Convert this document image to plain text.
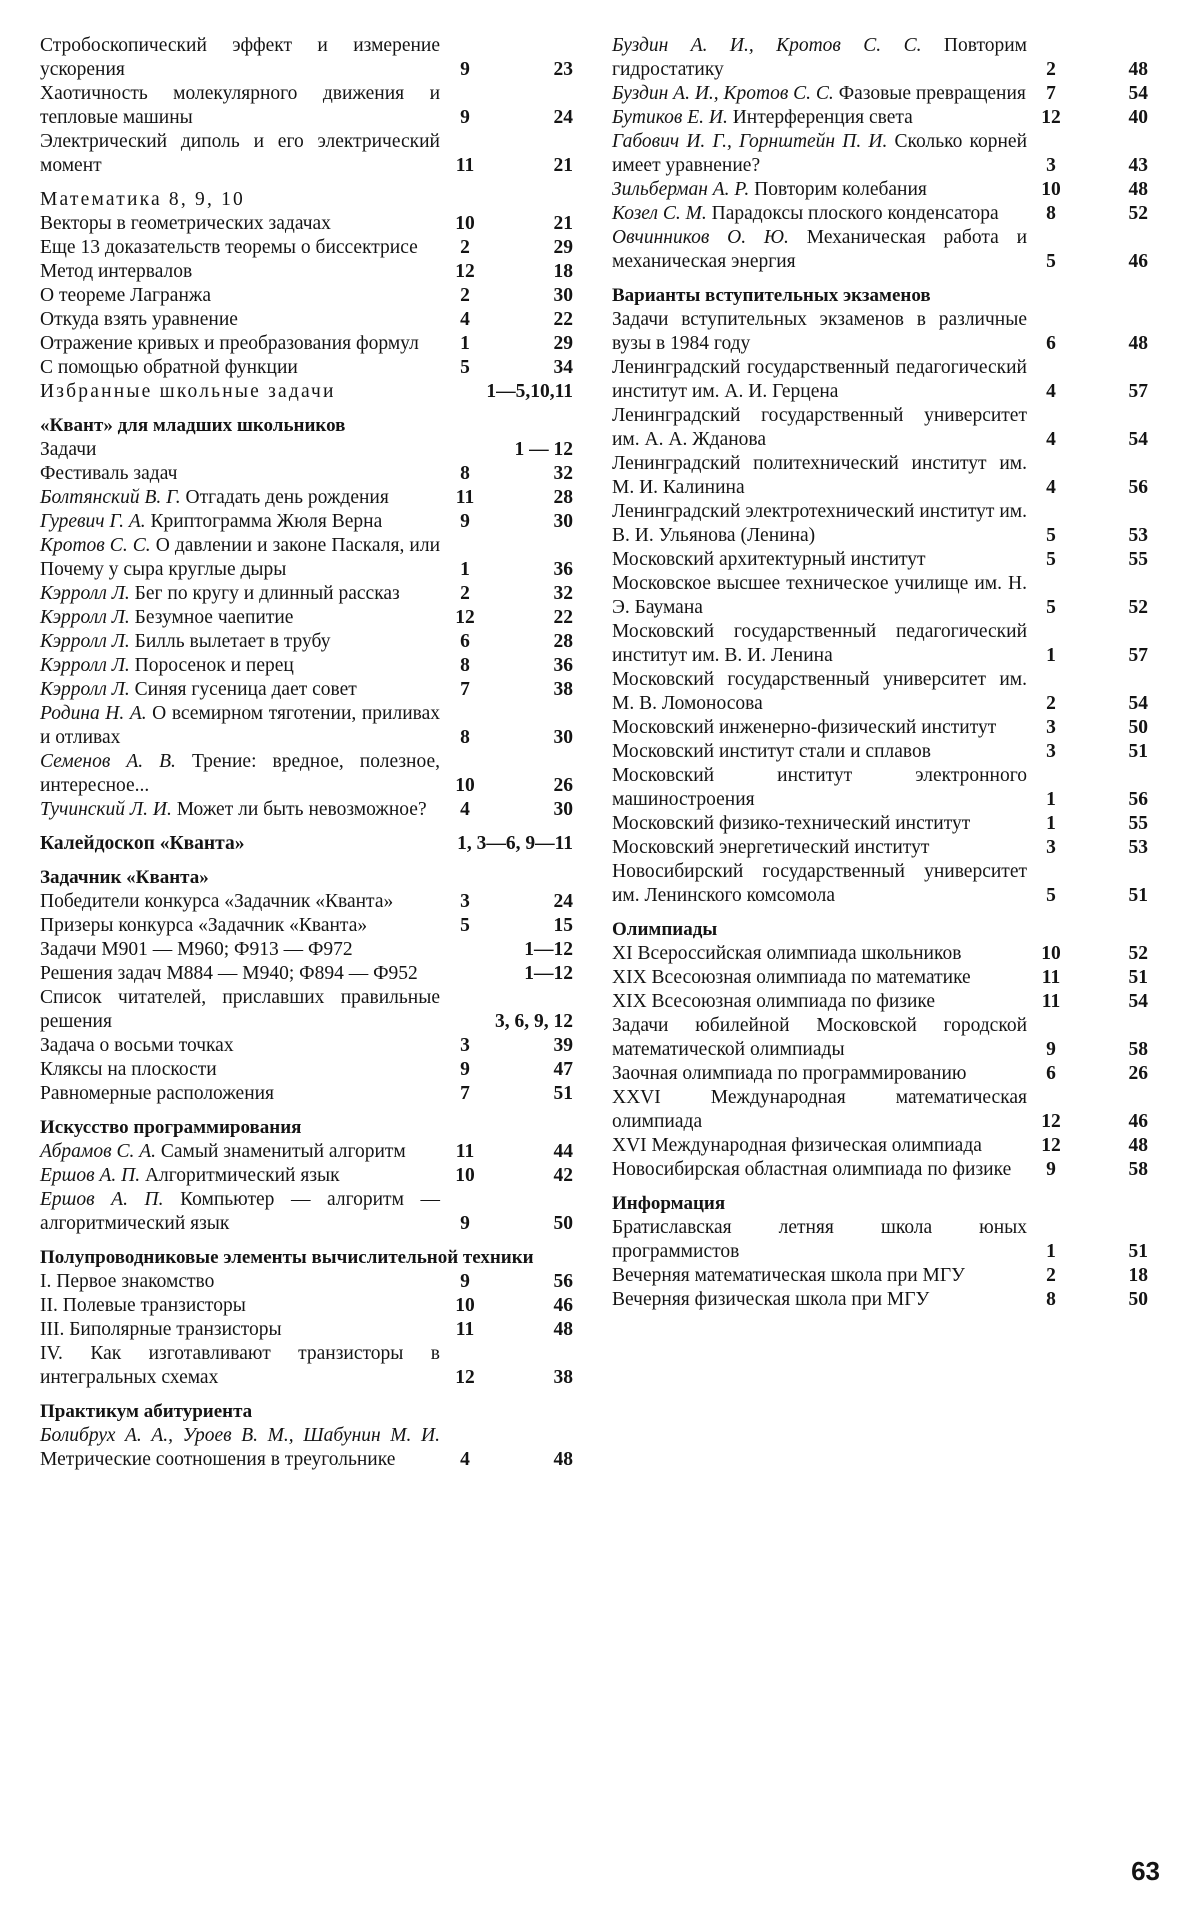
Стробоскопический эффект и измерение ускорения	9	23
Хаотичность молекулярного движения и тепловые машины	9	24
Электрический диполь и его электрический момент	11	21
Математика 8, 9, 10
Векторы в геометрических задачах	10	21
Еще 13 доказательств теоремы о биссектрисе	2	29
Метод интервалов	12	18
О теореме Лагранжа	2	30
Откуда взять уравнение	4	22
Отражение кривых и преобразования формул	1	29
С помощью обратной функции	5	34
Избранные школьные задачи	1—5,10,11
«Квант» для младших школьников
Задачи	1 — 12
Фестиваль задач	8	32
Болтянский В. Г. Отгадать день рождения	11	28
Гуревич Г. А. Криптограмма Жюля Верна	9	30
Кротов С. С. О давлении и законе Паскаля, или Почему у сыра круглые дыры	1	36
Кэрролл Л. Бег по кругу и длинный рассказ	2	32
Кэрролл Л. Безумное чаепитие	12	22
Кэрролл Л. Билль вылетает в трубу	6	28
Кэрролл Л. Поросенок и перец	8	36
Кэрролл Л. Синяя гусеница дает совет	7	38
Родина Н. А. О всемирном тяготении, приливах и отливах	8	30
Семенов А. В. Трение: вредное, полезное, интересное...	10	26
Тучинский Л. И. Может ли быть невозможное?	4	30
Калейдоскоп «Кванта»	1, 3—6, 9—11
Задачник «Кванта»
Победители конкурса «Задачник «Кванта»	3	24
Призеры конкурса «Задачник «Кванта»	5	15
Задачи M901 — M960; Ф913 — Ф972	1—12
Решения задач M884 — M940; Ф894 — Ф952	1—12
Список читателей, приславших правильные решения	3, 6, 9, 12
Задача о восьми точках	3	39
Кляксы на плоскости	9	47
Равномерные расположения	7	51
Искусство программирования
Абрамов С. А. Самый знаменитый алгоритм	11	44
Ершов А. П. Алгоритмический язык	10	42
Ершов А. П. Компьютер — алгоритм — алгоритмический язык	9	50
Полупроводниковые элементы вычислительной техники
I. Первое знакомство	9	56
II. Полевые транзисторы	10	46
III. Биполярные транзисторы	11	48
IV. Как изготавливают транзисторы в интегральных схемах	12	38
Практикум абитуриента
Болибрух А. А., Уроев В. М., Шабунин М. И. Метрические соотношения в треугольнике	4	48
Буздин А. И., Кротов С. С. Повторим гидростатику	2	48
Буздин А. И., Кротов С. С. Фазовые превращения	7	54
Бутиков Е. И. Интерференция света	12	40
Габович И. Г., Горнштейн П. И. Сколько корней имеет уравнение?	3	43
Зильберман А. Р. Повторим колебания	10	48
Козел С. М. Парадоксы плоского конденсатора	8	52
Овчинников О. Ю. Механическая работа и механическая энергия	5	46
Варианты вступительных экзаменов
Задачи вступительных экзаменов в различные вузы в 1984 году	6	48
Ленинградский государственный педагогический институт им. А. И. Герцена	4	57
Ленинградский государственный университет им. А. А. Жданова	4	54
Ленинградский политехнический институт им. М. И. Калинина	4	56
Ленинградский электротехнический институт им. В. И. Ульянова (Ленина)	5	53
Московский архитектурный институт	5	55
Московское высшее техническое училище им. Н. Э. Баумана	5	52
Московский государственный педагогический институт им. В. И. Ленина	1	57
Московский государственный университет им. М. В. Ломоносова	2	54
Московский инженерно-физический институт	3	50
Московский институт стали и сплавов	3	51
Московский институт электронного машиностроения	1	56
Московский физико-технический институт	1	55
Московский энергетический институт	3	53
Новосибирский государственный университет им. Ленинского комсомола	5	51
Олимпиады
XI Всероссийская олимпиада школьников	10	52
XIX Всесоюзная олимпиада по математике	11	51
XIX Всесоюзная олимпиада по физике	11	54
Задачи юбилейной Московской городской математической олимпиады	9	58
Заочная олимпиада по программированию	6	26
XXVI Международная математическая олимпиада	12	46
XVI Международная физическая олимпиада	12	48
Новосибирская областная олимпиада по физике	9	58
Информация
Братиславская летняя школа юных программистов	1	51
Вечерняя математическая школа при МГУ	2	18
Вечерняя физическая школа при МГУ	8	50
63
